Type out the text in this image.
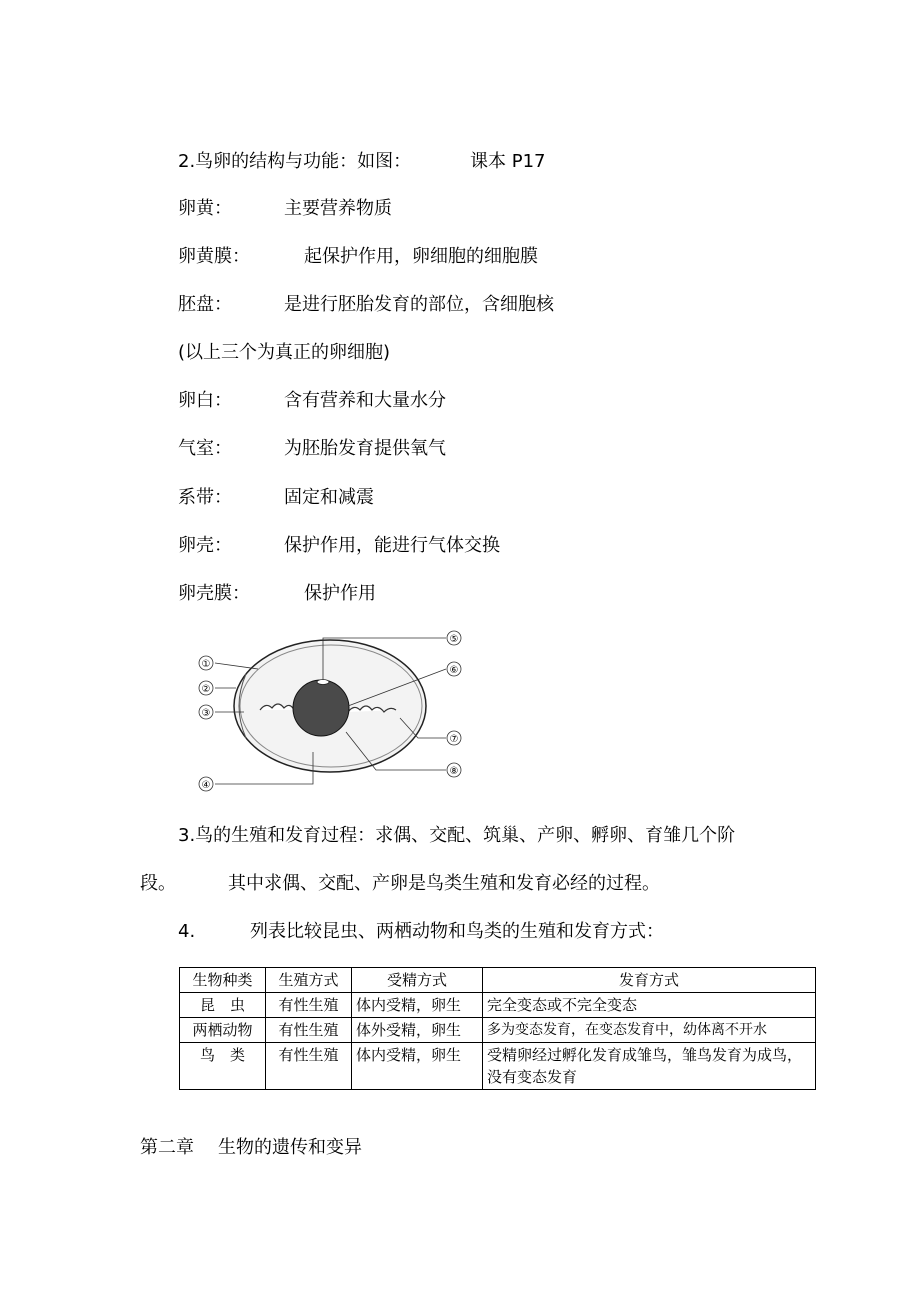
2.鸟卵的结构与功能：如图：	课本 P17
卵黄：	主要营养物质
卵黄膜：	起保护作用，卵细胞的细胞膜
胚盘：	是进行胚胎发育的部位，含细胞核
(以上三个为真正的卵细胞)
卵白：	含有营养和大量水分
气室：	为胚胎发育提供氧气
系带：	固定和减震
卵壳：	保护作用，能进行气体交换
卵壳膜：	保护作用
①
②
③
④
⑤
⑥
⑦
⑧
3.鸟的生殖和发育过程：求偶、交配、筑巢、产卵、孵卵、育雏几个阶
段。	其中求偶、交配、产卵是鸟类生殖和发育必经的过程。
4.	列表比较昆虫、两栖动物和鸟类的生殖和发育方式：
生物种类	生殖方式	受精方式	发育方式
昆　虫	有性生殖	体内受精，卵生	完全变态或不完全变态
两栖动物	有性生殖	体外受精，卵生	多为变态发育，在变态发育中，幼体离不开水
鸟　类	有性生殖	体内受精，卵生	受精卵经过孵化发育成雏鸟，雏鸟发育为成鸟，没有变态发育
第二章 生物的遗传和变异
